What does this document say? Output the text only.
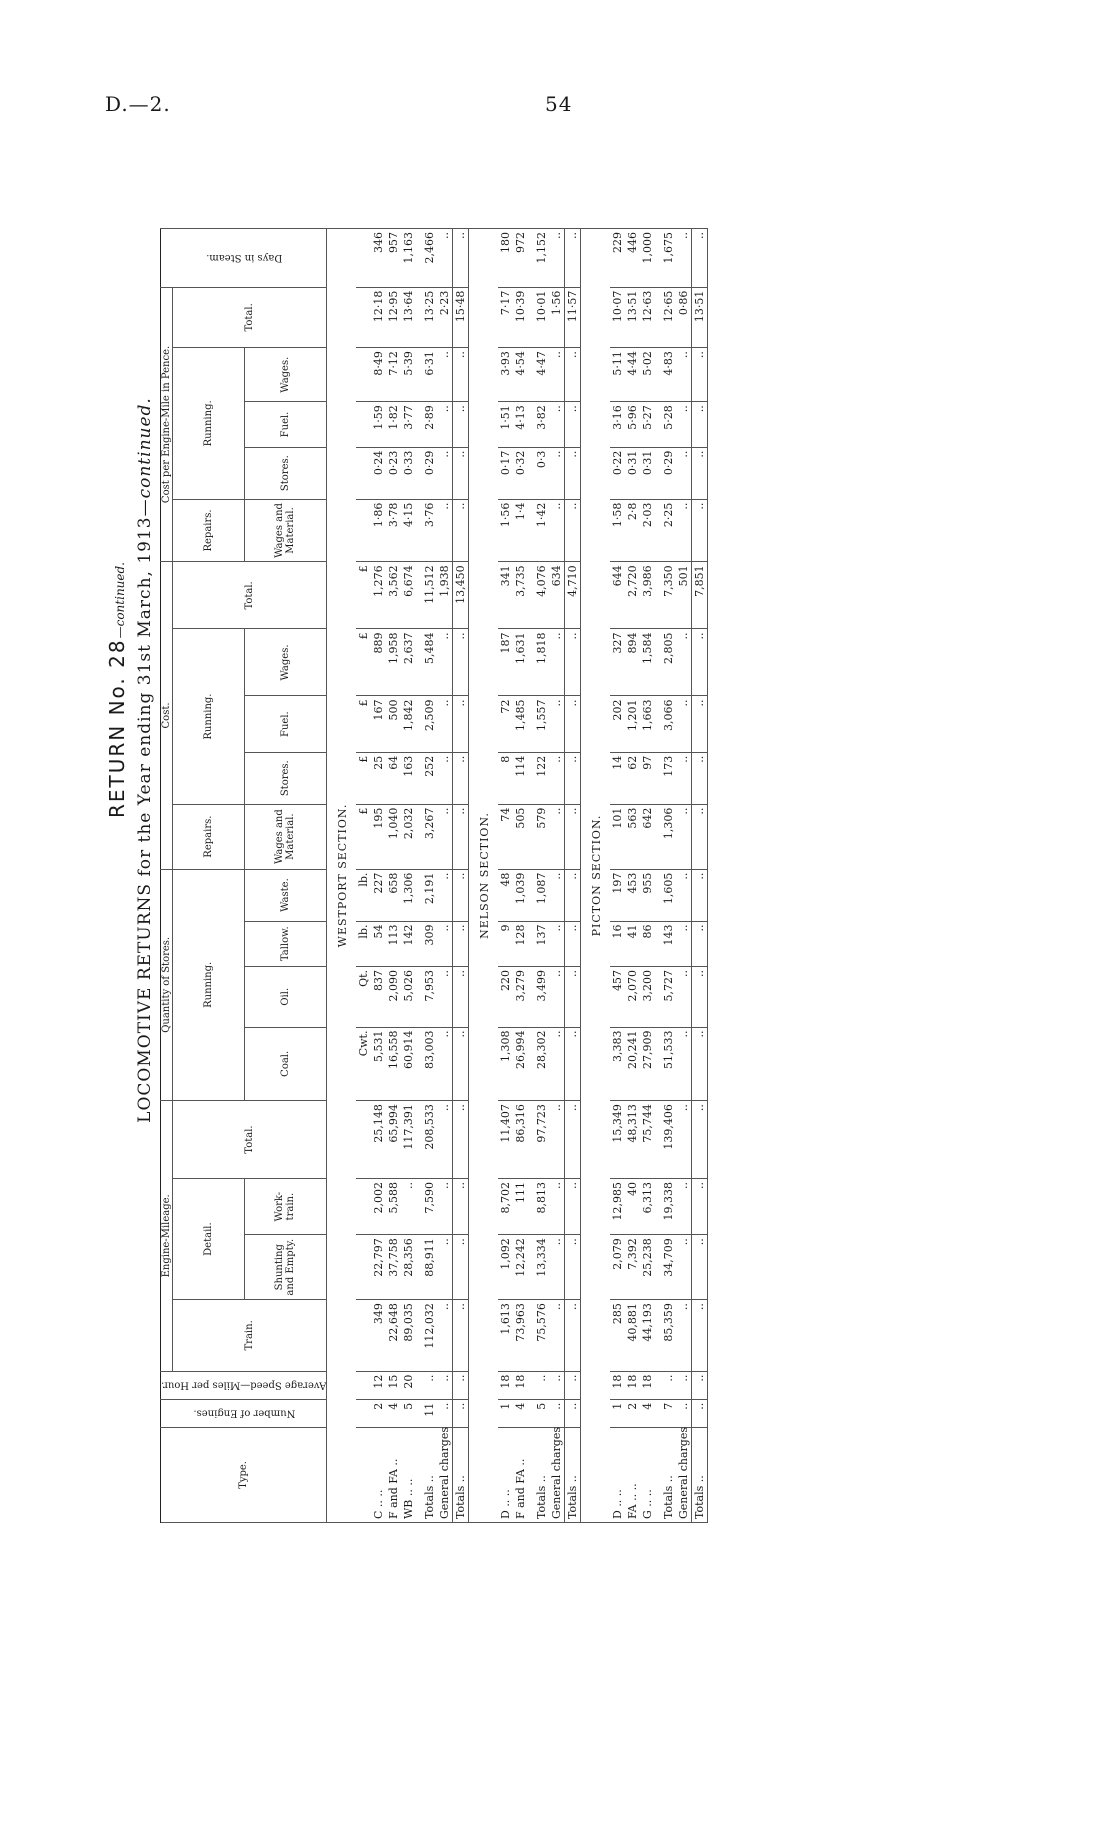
D.—2.	54
RETURN No. 28—continued. LOCOMOTIVE RETURNS for the Year ending 31st March, 1913—continued.
Type.	Number of Engines.	Average Speed—Miles per Hour.	Engine-Mileage.				Quantity of Stores.				Cost.					Cost per Engine-Mile in Pence.					Days in Steam.
			Train.	Detail.		Total.	Running.				Repairs.	Running.			Total.	Repairs.	Running.			Total.	
				Shunting and Empty.	Work-train.		Coal.	Oil.	Tallow.	Waste.	Wages and Material.	Stores.	Fuel.	Wages.		Wages and Material.	Stores.	Fuel.	Wages.		

WESTPORT SECTION.																					
							Cwt.	Qt.	lb.	lb.	£	£	£	£	£						
C .. ..	2	12	349	22,797	2,002	25,148	5,531	837	54	227	195	25	167	889	1,276	1·86	0·24	1·59	8·49	12·18	346
F and FA ..	4	15	22,648	37,758	5,588	65,994	16,558	2,090	113	658	1,040	64	500	1,958	3,562	3·78	0·23	1·82	7·12	12·95	957
WB .. ..	5	20	89,035	28,356	..	117,391	60,914	5,026	142	1,306	2,032	163	1,842	2,637	6,674	4·15	0·33	3·77	5·39	13·64	1,163

Totals ..	11	..	112,032	88,911	7,590	208,533	83,003	7,953	309	2,191	3,267	252	2,509	5,484	11,512	3·76	0·29	2·89	6·31	13·25	2,466
General charges	..	..	..	..	..	..	..	..	..	..	..	..	..	..	1,938	..	..	..	..	2·23	..
Totals ..	..	..	..	..	..	..	..	..	..	..	..	..	..	..	13,450	..	..	..	..	15·48	..
NELSON SECTION.																					
D .. ..	1	18	1,613	1,092	8,702	11,407	1,308	220	9	48	74	8	72	187	341	1·56	0·17	1·51	3·93	7·17	180
F and FA ..	4	18	73,963	12,242	111	86,316	26,994	3,279	128	1,039	505	114	1,485	1,631	3,735	1·4	0·32	4·13	4·54	10·39	972

Totals ..	5	..	75,576	13,334	8,813	97,723	28,302	3,499	137	1,087	579	122	1,557	1,818	4,076	1·42	0·3	3·82	4·47	10·01	1,152
General charges	..	..	..	..	..	..	..	..	..	..	..	..	..	..	634	..	..	..	..	1·56	..
Totals ..	..	..	..	..	..	..	..	..	..	..	..	..	..	..	4,710	..	..	..	..	11·57	..
PICTON SECTION.																					
D .. ..	1	18	285	2,079	12,985	15,349	3,383	457	16	197	101	14	202	327	644	1·58	0·22	3·16	5·11	10·07	229
FA .. ..	2	18	40,881	7,392	40	48,313	20,241	2,070	41	453	563	62	1,201	894	2,720	2·8	0·31	5·96	4·44	13·51	446
G .. ..	4	18	44,193	25,238	6,313	75,744	27,909	3,200	86	955	642	97	1,663	1,584	3,986	2·03	0·31	5·27	5·02	12·63	1,000

Totals ..	7	..	85,359	34,709	19,338	139,406	51,533	5,727	143	1,605	1,306	173	3,066	2,805	7,350	2·25	0·29	5·28	4·83	12·65	1,675
General charges	..	..	..	..	..	..	..	..	..	..	..	..	..	..	501	..	..	..	..	0·86	..
Totals ..	..	..	..	..	..	..	..	..	..	..	..	..	..	..	7,851	..	..	..	..	13·51	..
